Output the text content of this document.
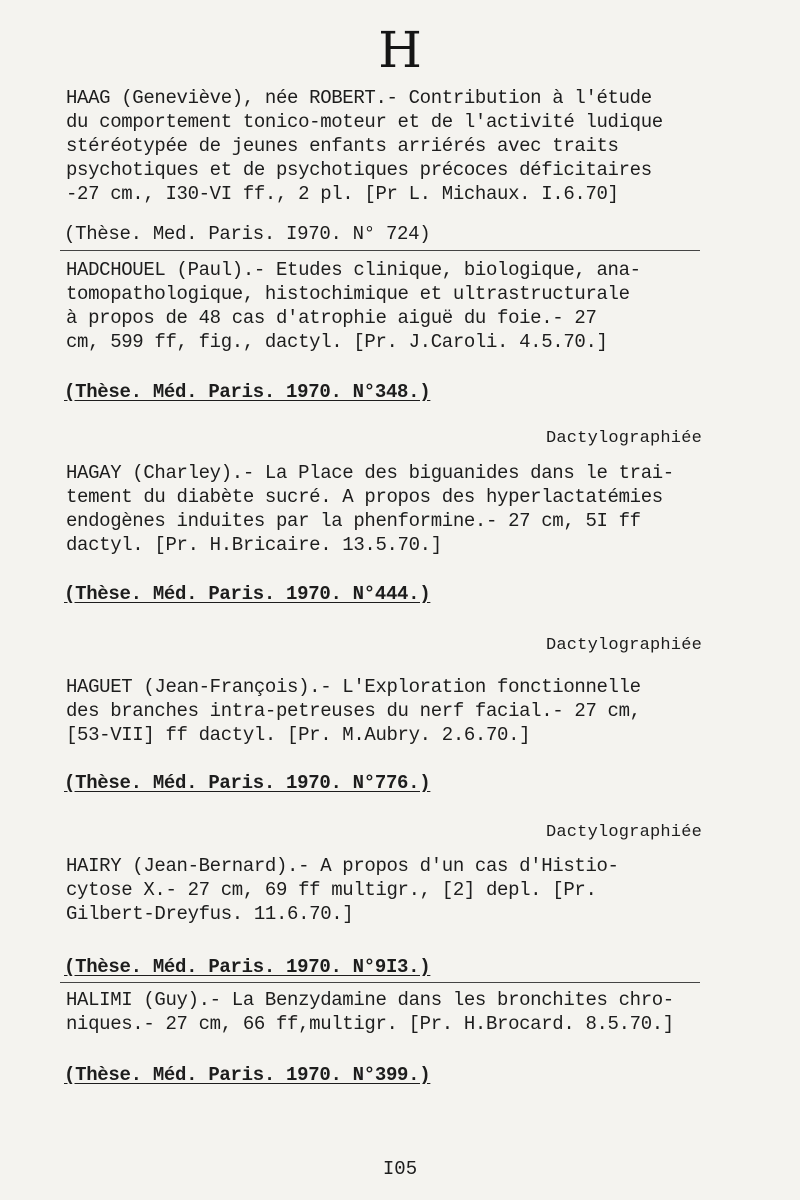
H
HAAG (Geneviève), née ROBERT.- Contribution à l'étude
du comportement tonico-moteur et de l'activité ludique
stéréotypée de jeunes enfants arriérés avec traits
psychotiques et de psychotiques précoces déficitaires
-27 cm., I30-VI ff., 2 pl. [Pr L. Michaux. I.6.70]
(Thèse. Med. Paris. I970. N° 724)
HADCHOUEL (Paul).- Etudes clinique, biologique, ana-
tomopathologique, histochimique et ultrastructurale
à propos de 48 cas d'atrophie aiguë du foie.- 27
cm, 599 ff, fig., dactyl. [Pr. J.Caroli. 4.5.70.]
(Thèse. Méd. Paris. 1970. N°348.)
Dactylographiée
HAGAY (Charley).- La Place des biguanides dans le trai-
tement du diabète sucré. A propos des hyperlactatémies
endogènes induites par la phenformine.- 27 cm, 5I ff
dactyl. [Pr. H.Bricaire. 13.5.70.]
(Thèse. Méd. Paris. 1970. N°444.)
Dactylographiée
HAGUET (Jean-François).- L'Exploration fonctionnelle
des branches intra-petreuses du nerf facial.- 27 cm,
[53-VII] ff dactyl. [Pr. M.Aubry. 2.6.70.]
(Thèse. Méd. Paris. 1970. N°776.)
Dactylographiée
HAIRY (Jean-Bernard).- A propos d'un cas d'Histio-
cytose X.- 27 cm, 69 ff multigr., [2] depl. [Pr.
Gilbert-Dreyfus. 11.6.70.]
(Thèse. Méd. Paris. 1970. N°9I3.)
HALIMI (Guy).- La Benzydamine dans les bronchites chro-
niques.- 27 cm, 66 ff,multigr. [Pr. H.Brocard. 8.5.70.]
(Thèse. Méd. Paris. 1970. N°399.)
I05
